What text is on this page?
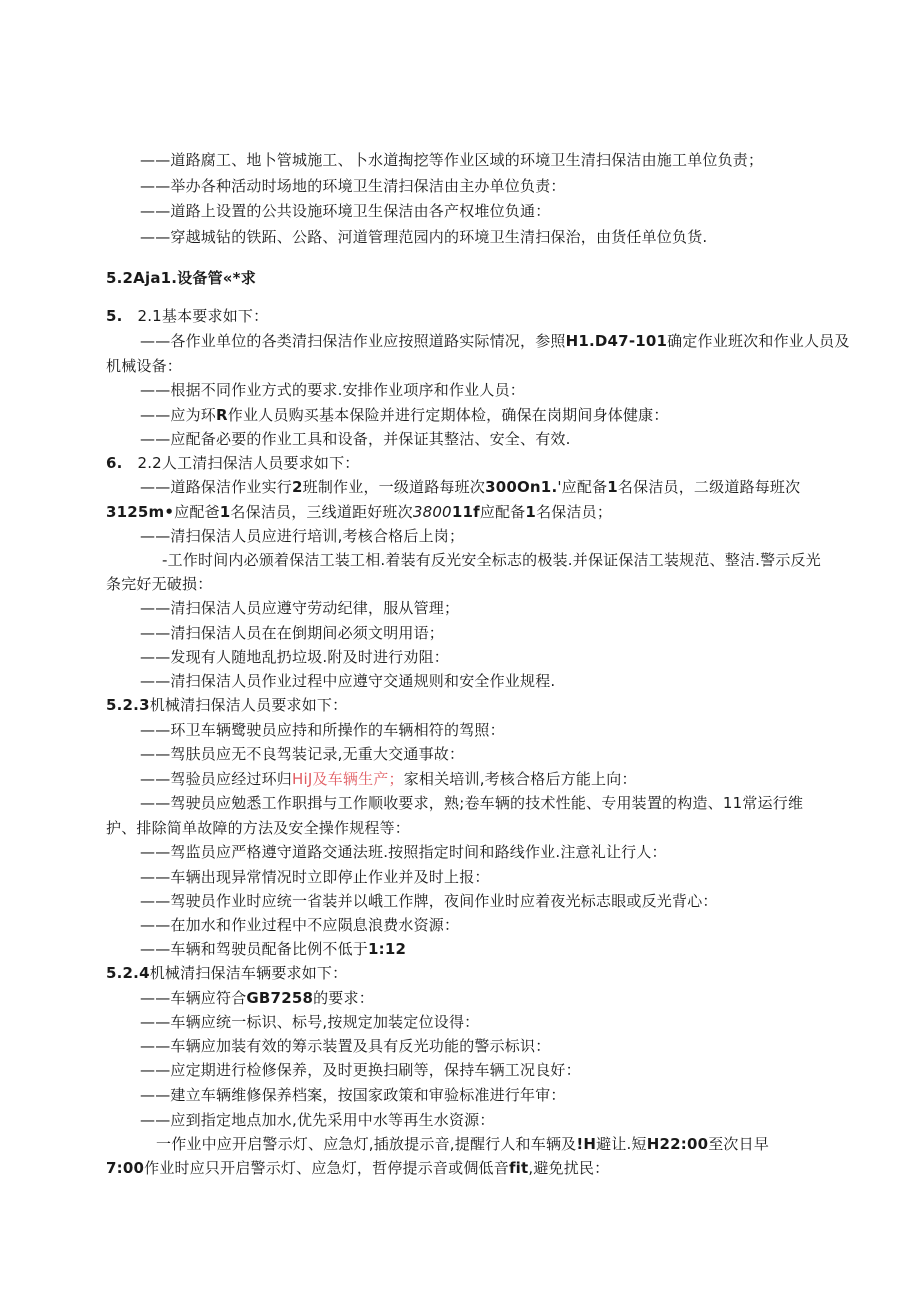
——道路腐工、地卜管城施工、卜水道掏挖等作业区域的环境卫生清扫保洁由施工单位负责；
——举办各种活动时场地的环境卫生清扫保洁由主办单位负责：
——道路上设置的公共设施环境卫生保洁由各产权堆位负通：
——穿越城钻的铁跖、公路、河道管理范园内的环境卫生清扫保治，由货任单位负货.
5.2Aja1.设备管«*求
5. 2.1基本要求如下：
——各作业单位的各类清扫保洁作业应按照道路实际情况，参照H1.D47-101确定作业班次和作业人员及
机械设备：
——根据不同作业方式的要求.安排作业项序和作业人员：
——应为环R作业人员购买基本保险并进行定期体检，确保在岗期间身体健康：
——应配备必要的作业工具和设备，并保证其整沽、安全、有效.
6. 2.2人工清扫保洁人员要求如下：
——道路保洁作业实行2班制作业，一级道路每班次300On1.'应配备1名保洁员，二级道路每班次
3125m•应配爸1名保洁员，三线道距好班次380011f应配备1名保洁员；
——清扫保洁人员应进行培训,考核合格后上岗；
-工作时间内必颁着保洁工装工相.着装有反光安全标志的极装.并保证保洁工装规范、整洁.警示反光
条完好无破损：
——清扫保洁人员应遵守劳动纪律，服从管理；
——清扫保洁人员在在倒期间必须文明用语；
——发现有人随地乱扔垃圾.附及时进行劝阻：
——清扫保洁人员作业过程中应遵守交通规则和安全作业规程.
5.2.3机械清扫保洁人员要求如下：
——环卫车辆鹭驶员应持和所操作的车辆相符的驾照：
——驾肤员应无不良驾装记录,无重大交通事故：
——驾验员应经过环归HiJ及车辆生产；家相关培训,考核合格后方能上向：
——驾驶员应勉悉工作职揖与工作顺收要求，熟;卷车辆的技术性能、专用装置的构造、11常运行维
护、排除简单故障的方法及安全操作规程等：
——驾监员应严格遵守道路交通法班.按照指定时间和路线作业.注意礼让行人：
——车辆出现异常情况时立即停止作业并及时上报：
——驾驶员作业时应统一省装并以峨工作牌，夜间作业时应着夜光标志眼或反光背心：
——在加水和作业过程中不应陨息浪费水资源：
——车辆和驾驶员配备比例不低于1:12
5.2.4机械清扫保洁车辆要求如下：
——车辆应符合GB7258的要求：
——车辆应统一标识、标号,按规定加装定位设得：
——车辆应加装有效的筹示装置及具有反光功能的警示标识：
——应定期进行检修保养，及时更换扫刷等，保持车辆工况良好：
——建立车辆维修保养档案，按国家政策和审验标准进行年审：
——应到指定地点加水,优先采用中水等再生水资源：
一作业中应开启警示灯、应急灯,插放提示音,提醒行人和车辆及!H避让.短H22:00至次日早
7:00作业时应只开启警示灯、应急灯，哲停提示音或倜低音fit,避免扰民：
